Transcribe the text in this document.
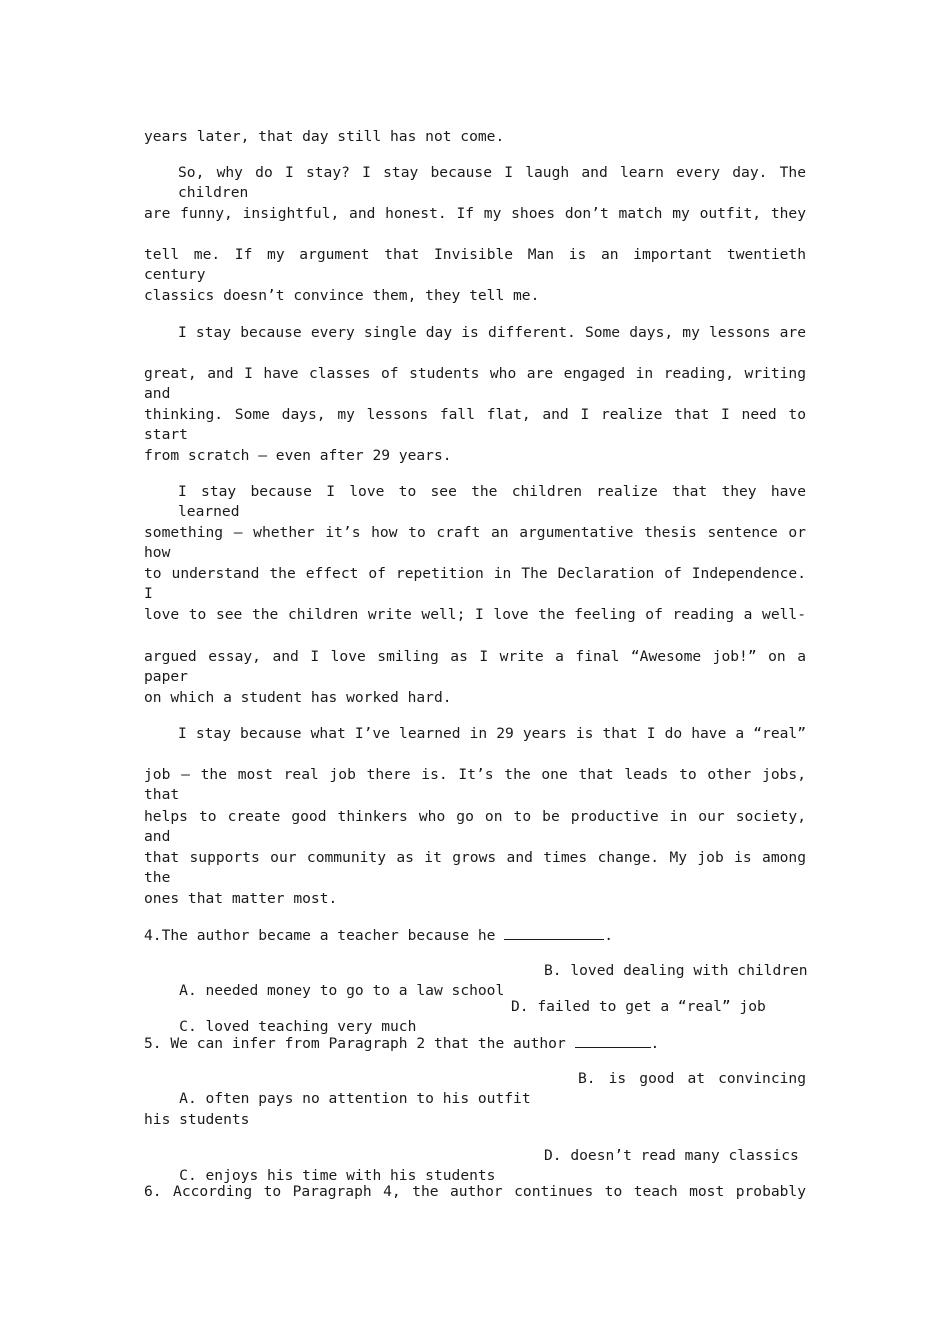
years later, that day still has not come.
So, why do I stay? I stay because I laugh and learn every day. The children
are funny, insightful, and honest. If my shoes don’t match my outfit, they
tell me. If my argument that Invisible Man is an important twentieth century
classics doesn’t convince them, they tell me.
I stay because every single day is different. Some days, my lessons are
great, and I have classes of students who are engaged in reading, writing and
thinking. Some days, my lessons fall flat, and I realize that I need to start
from scratch — even after 29 years.
I stay because I love to see the children realize that they have learned
something — whether it’s how to craft an argumentative thesis sentence or how
to understand the effect of repetition in The Declaration of Independence. I
love to see the children write well; I love the feeling of reading a well-
argued essay, and I love smiling as I write a final “Awesome job!” on a paper
on which a student has worked hard.
I stay because what I’ve learned in 29 years is that I do have a “real”
job — the most real job there is. It’s the one that leads to other jobs, that
helps to create good thinkers who go on to be productive in our society, and
that supports our community as it grows and times change. My job is among the
ones that matter most.
4.The author became a teacher because he	.

A. needed money to go to a law school

B. loved dealing with children

C. loved teaching very much

D. failed to get a “real” job

5. We can infer from Paragraph 2 that the author	.

A. often pays no attention to his outfit

B. is good at convincing

his students

C. enjoys his time with his students

D. doesn’t read many classics

6. According to Paragraph 4, the author continues to teach most probably
